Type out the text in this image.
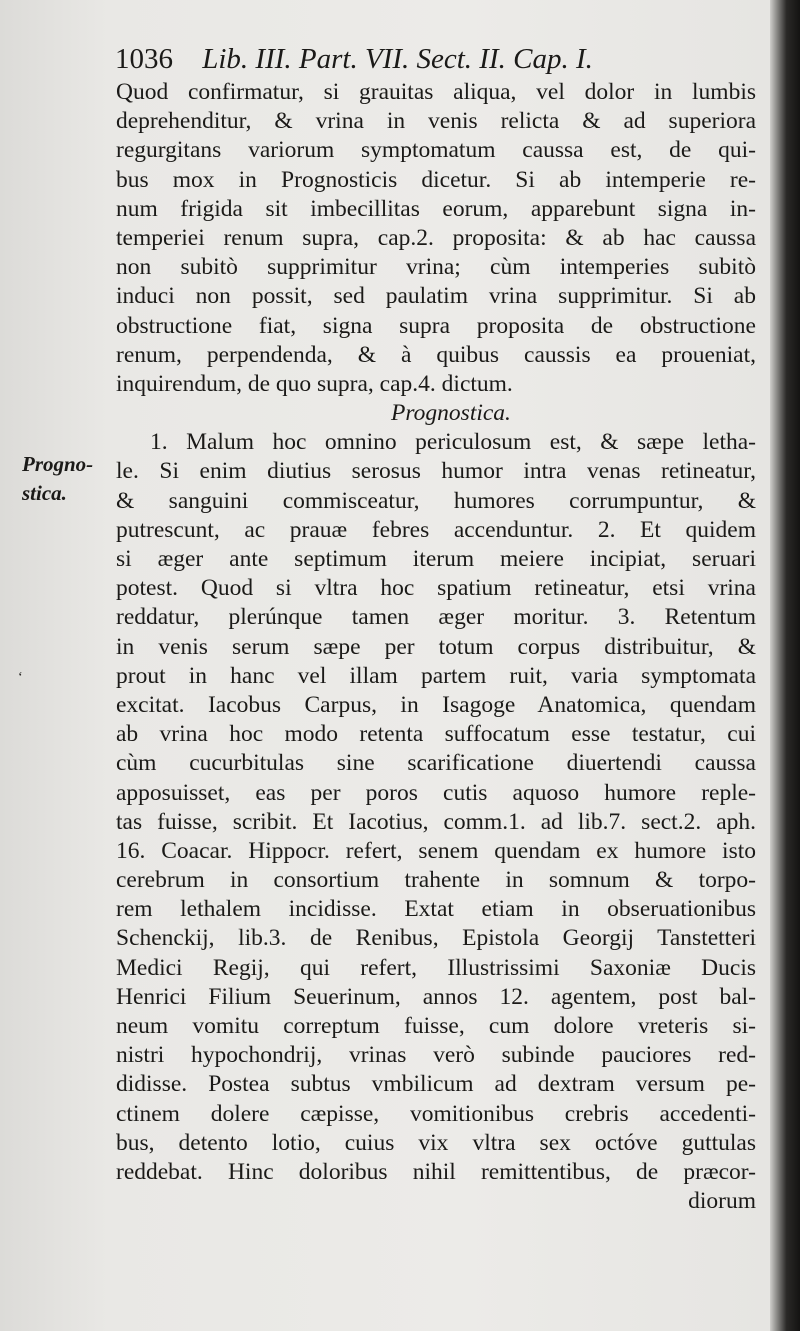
1036 Lib. III. Part. VII. Sect. II. Cap. I.
Progno-
stica.
‘
Quod confirmatur, si grauitas aliqua, vel dolor in lumbis
deprehenditur, & vrina in venis relicta & ad superiora
regurgitans variorum symptomatum caussa est, de qui-
bus mox in Prognosticis dicetur. Si ab intemperie re-
num frigida sit imbecillitas eorum, apparebunt signa in-
temperiei renum supra, cap.2. proposita: & ab hac caussa
non subitò supprimitur vrina; cùm intemperies subitò
induci non possit, sed paulatim vrina supprimitur. Si ab
obstructione fiat, signa supra proposita de obstructione
renum, perpendenda, & à quibus caussis ea proueniat,
inquirendum, de quo supra, cap.4. dictum.
Prognostica.
1. Malum hoc omnino periculosum est, & sæpe letha-
le. Si enim diutius serosus humor intra venas retineatur,
& sanguini commisceatur, humores corrumpuntur, &
putrescunt, ac prauæ febres accenduntur. 2. Et quidem
si æger ante septimum iterum meiere incipiat, seruari
potest. Quod si vltra hoc spatium retineatur, etsi vrina
reddatur, plerúnque tamen æger moritur. 3. Retentum
in venis serum sæpe per totum corpus distribuitur, &
prout in hanc vel illam partem ruit, varia symptomata
excitat. Iacobus Carpus, in Isagoge Anatomica, quendam
ab vrina hoc modo retenta suffocatum esse testatur, cui
cùm cucurbitulas sine scarificatione diuertendi caussa
apposuisset, eas per poros cutis aquoso humore reple-
tas fuisse, scribit. Et Iacotius, comm.1. ad lib.7. sect.2. aph.
16. Coacar. Hippocr. refert, senem quendam ex humore isto
cerebrum in consortium trahente in somnum & torpo-
rem lethalem incidisse. Extat etiam in obseruationibus
Schenckij, lib.3. de Renibus, Epistola Georgij Tanstetteri
Medici Regij, qui refert, Illustrissimi Saxoniæ Ducis
Henrici Filium Seuerinum, annos 12. agentem, post bal-
neum vomitu correptum fuisse, cum dolore vreteris si-
nistri hypochondrij, vrinas verò subinde pauciores red-
didisse. Postea subtus vmbilicum ad dextram versum pe-
ctinem dolere cæpisse, vomitionibus crebris accedenti-
bus, detento lotio, cuius vix vltra sex octóve guttulas
reddebat. Hinc doloribus nihil remittentibus, de præcor-
diorum
